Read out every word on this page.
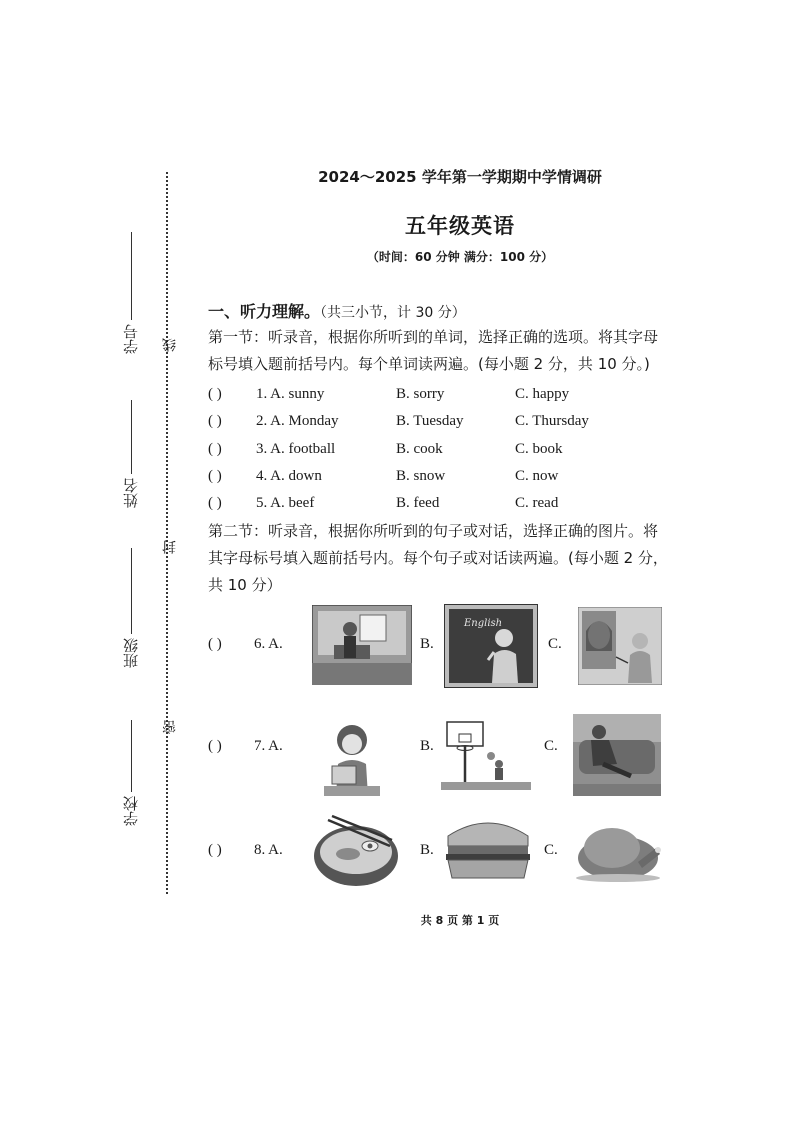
学号
姓名
班级
学校
线
封
密
2024～2025 学年第一学期期中学情调研
五年级英语
（时间：60 分钟 满分：100 分）
一、听力理解。（共三小节，计 30 分）
第一节：听录音，根据你所听到的单词，选择正确的选项。将其字母标号填入题前括号内。每个单词读两遍。(每小题 2 分，共 10 分。)
( ) 1. A. sunny	B. sorry	C. happy
( ) 2. A. Monday	B. Tuesday	C. Thursday
( ) 3. A. football	B. cook	C. book
( ) 4. A. down	B. snow	C. now
( ) 5. A. beef	B. feed	C. read
第二节：听录音，根据你所听到的句子或对话，选择正确的图片。将其字母标号填入题前括号内。每个句子或对话读两遍。(每小题 2 分，共 10 分）
( ) 6. A.	B.	C.
English
( ) 7. A.	B.	C.
( ) 8. A.	B.	C.
共 8 页 第 1 页
